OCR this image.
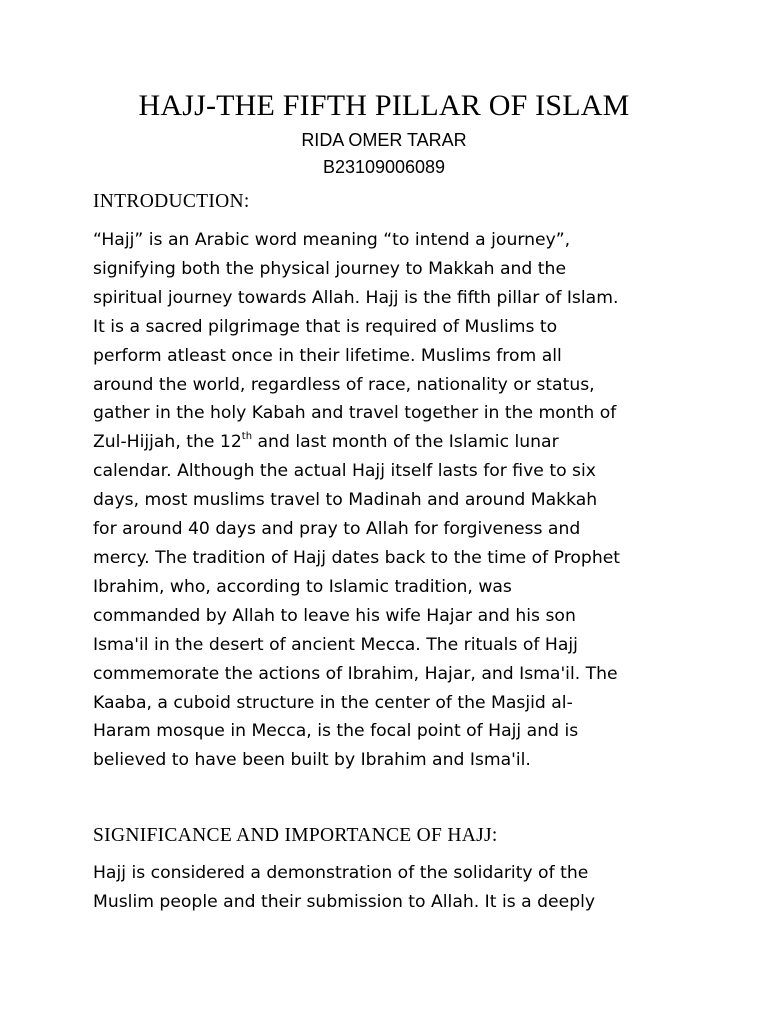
HAJJ-THE FIFTH PILLAR OF ISLAM

RIDA OMER TARAR

B23109006089

INTRODUCTION:
“Hajj” is an Arabic word meaning “to intend a journey”,
signifying both the physical journey to Makkah and the
spiritual journey towards Allah. Hajj is the fifth pillar of Islam.
It is a sacred pilgrimage that is required of Muslims to
perform atleast once in their lifetime. Muslims from all
around the world, regardless of race, nationality or status,
gather in the holy Kabah and travel together in the month of
Zul-Hijjah, the 12th and last month of the Islamic lunar
calendar. Although the actual Hajj itself lasts for five to six
days, most muslims travel to Madinah and around Makkah
for around 40 days and pray to Allah for forgiveness and
mercy. The tradition of Hajj dates back to the time of Prophet
Ibrahim, who, according to Islamic tradition, was
commanded by Allah to leave his wife Hajar and his son
Isma'il in the desert of ancient Mecca. The rituals of Hajj
commemorate the actions of Ibrahim, Hajar, and Isma'il. The
Kaaba, a cuboid structure in the center of the Masjid al-
Haram mosque in Mecca, is the focal point of Hajj and is
believed to have been built by Ibrahim and Isma'il.
SIGNIFICANCE AND IMPORTANCE OF HAJJ:
Hajj is considered a demonstration of the solidarity of the
Muslim people and their submission to Allah. It is a deeply
